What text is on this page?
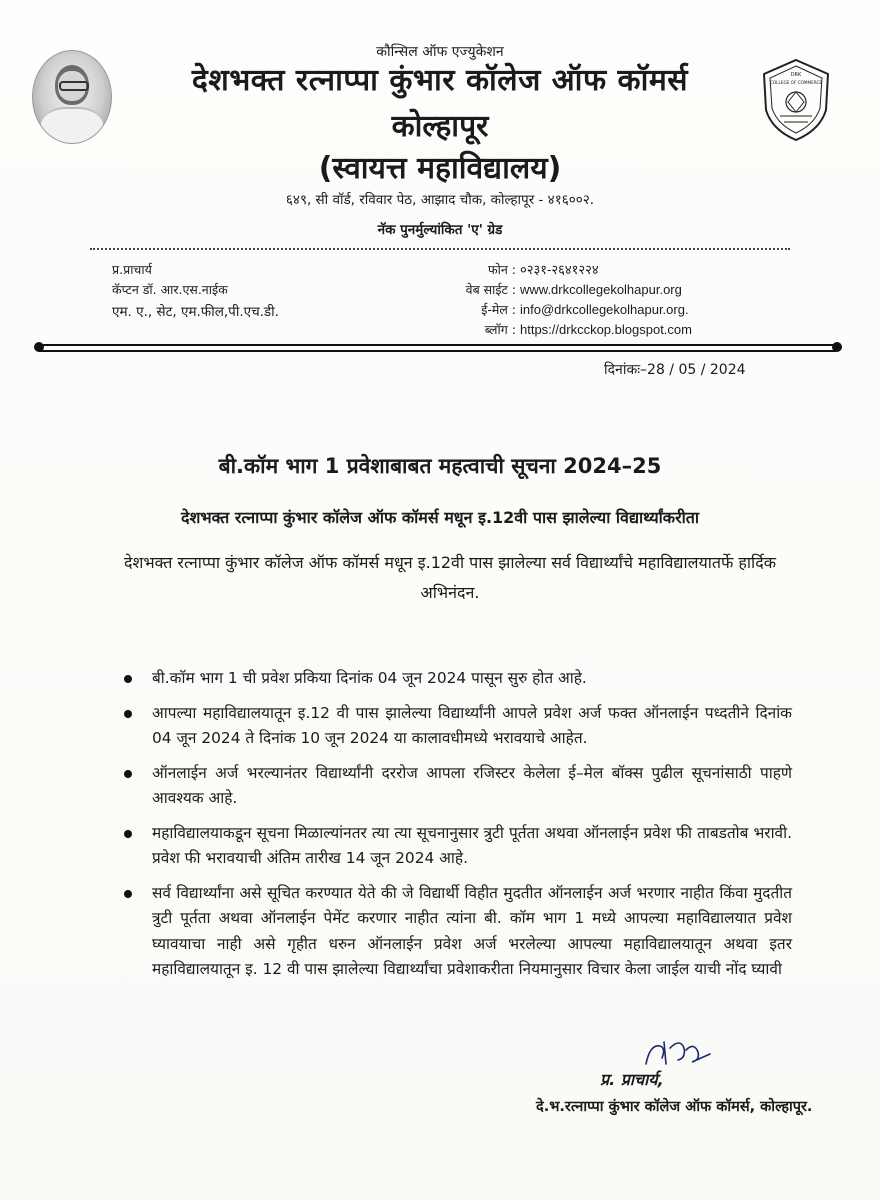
DRK
COLLEGE OF COMMERCE
कौन्सिल ऑफ एज्युकेशन
देशभक्त रत्नाप्पा कुंभार कॉलेज ऑफ कॉमर्स
कोल्हापूर
(स्वायत्त महाविद्यालय)
६४९, सी वॉर्ड, रविवार पेठ, आझाद चौक, कोल्हापूर - ४१६००२.
नॅक पुनर्मुल्यांकित 'ए' ग्रेड
प्र.प्राचार्य
कॅप्टन डॉ. आर.एस.नाईक
एम. ए., सेट, एम.फील,पी.एच.डी.
फोन : ०२३१-२६४१२२४
वेब साईट : www.drkcollegekolhapur.org
ई-मेल : info@drkcollegekolhapur.org.
ब्लॉग : https://drkcckop.blogspot.com
दिनांकः–28 / 05 / 2024
बी.कॉम भाग 1 प्रवेशाबाबत महत्वाची सूचना 2024–25
देशभक्त रत्नाप्पा कुंभार कॉलेज ऑफ कॉमर्स मधून इ.12वी पास झालेल्या विद्यार्थ्यांकरीता
देशभक्त रत्नाप्पा कुंभार कॉलेज ऑफ कॉमर्स मधून इ.12वी पास झालेल्या सर्व विद्यार्थ्यांचे महाविद्यालयातर्फे हार्दिक अभिनंदन.
बी.कॉम भाग 1 ची प्रवेश प्रकिया दिनांक 04 जून 2024 पासून सुरु होत आहे.
आपल्या महाविद्यालयातून इ.12 वी पास झालेल्या विद्यार्थ्यांनी आपले प्रवेश अर्ज फक्त ऑनलाईन पध्दतीने दिनांक 04 जून 2024 ते दिनांक 10 जून 2024 या कालावधीमध्ये भरावयाचे आहेत.
ऑनलाईन अर्ज भरल्यानंतर विद्यार्थ्यांनी दररोज आपला रजिस्टर केलेला ई–मेल बॉक्स पुढील सूचनांसाठी पाहणे आवश्यक आहे.
महाविद्यालयाकडून सूचना मिळाल्यांनतर त्या त्या सूचनानुसार त्रुटी पूर्तता अथवा ऑनलाईन प्रवेश फी ताबडतोब भरावी. प्रवेश फी भरावयाची अंतिम तारीख 14 जून 2024 आहे.
सर्व विद्यार्थ्यांना असे सूचित करण्यात येते की जे विद्यार्थी विहीत मुदतीत ऑनलाईन अर्ज भरणार नाहीत किंवा मुदतीत त्रुटी पूर्तता अथवा ऑनलाईन पेमेंट करणार नाहीत त्यांना बी. कॉम भाग 1 मध्ये आपल्या महाविद्यालयात प्रवेश घ्यावयाचा नाही असे गृहीत धरुन ऑनलाईन प्रवेश अर्ज भरलेल्या आपल्या महाविद्यालयातून अथवा इतर महाविद्यालयातून इ. 12 वी पास झालेल्या विद्यार्थ्यांचा प्रवेशाकरीता नियमानुसार विचार केला जाईल याची नोंद घ्यावी
प्र. प्राचार्य,
दे.भ.रत्नाप्पा कुंभार कॉलेज ऑफ कॉमर्स, कोल्हापूर.
